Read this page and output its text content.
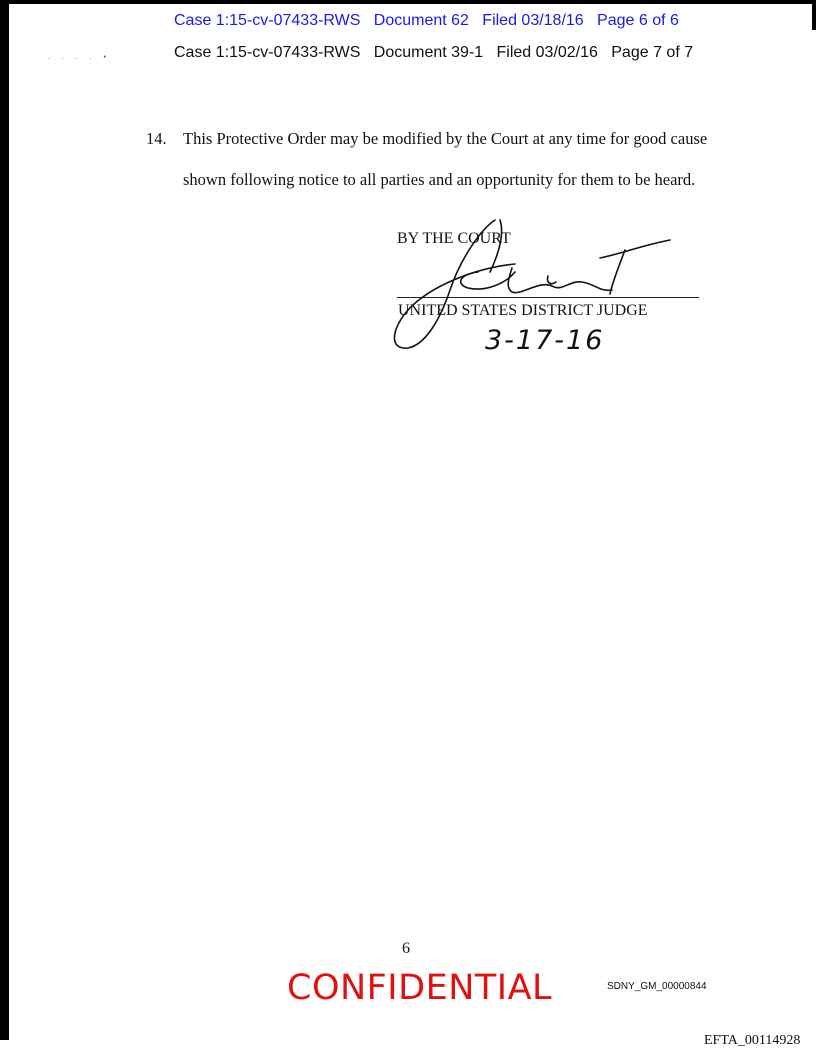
Case 1:15-cv-07433-RWS   Document 62   Filed 03/18/16   Page 6 of 6
. . . . •	Case 1:15-cv-07433-RWS   Document 39-1   Filed 03/02/16   Page 7 of 7
14. This Protective Order may be modified by the Court at any time for good cause
shown following notice to all parties and an opportunity for them to be heard.
BY THE COURT
UNITED STATES DISTRICT JUDGE
3-17-16
6
CONFIDENTIAL	SDNY_GM_00000844
EFTA_00114928
